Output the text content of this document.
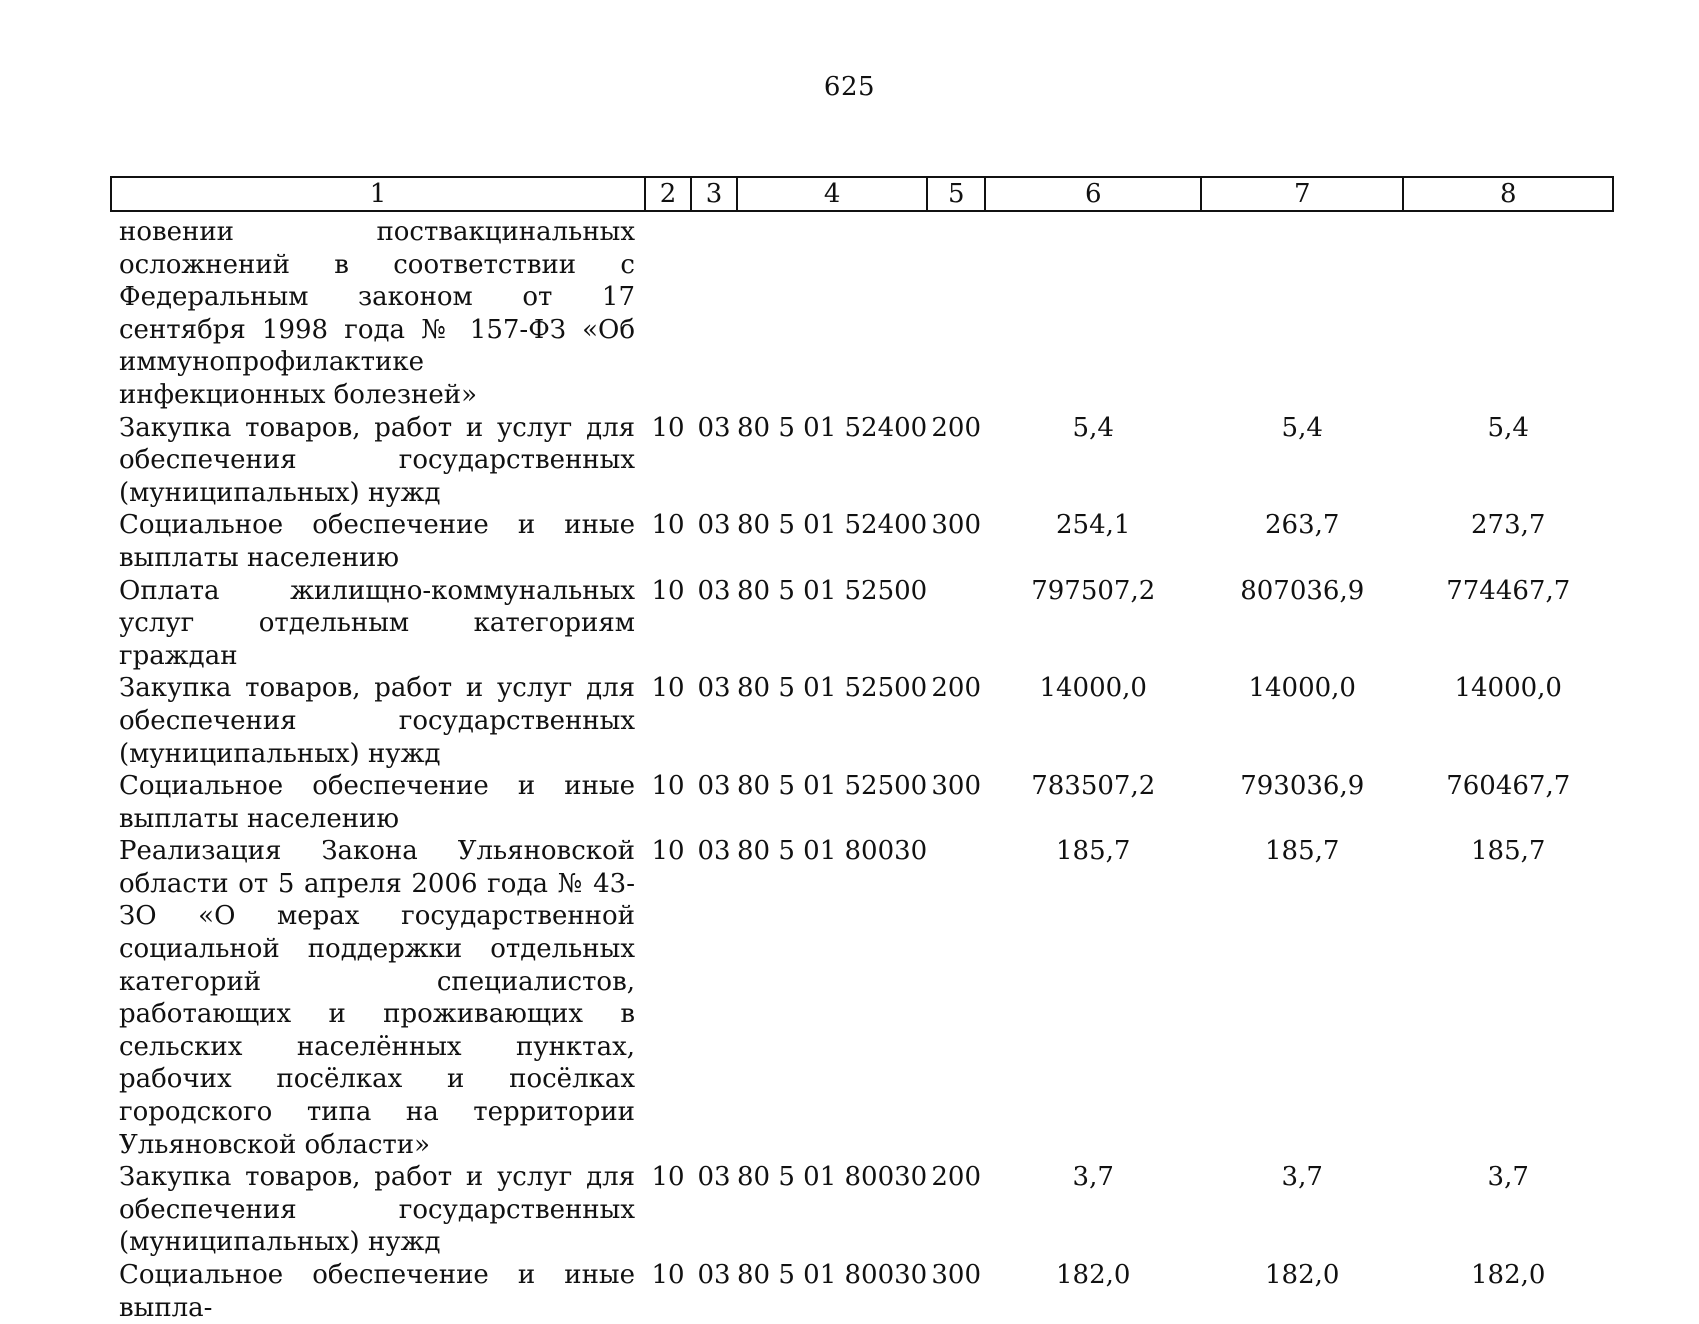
625
1	2	3	4	5	6	7	8
новении поствакцинальных осложнений в соответствии с Федеральным законом от 17 сентября 1998 года № 157-ФЗ «Об иммунопрофилактике инфекционных болезней»							
Закупка товаров, работ и услуг для обеспечения государственных (муниципальных) нужд	10	03	80 5 01 52400	200	5,4	5,4	5,4
Социальное обеспечение и иные выплаты населению	10	03	80 5 01 52400	300	254,1	263,7	273,7
Оплата жилищно-коммунальных услуг отдельным категориям граждан	10	03	80 5 01 52500		797507,2	807036,9	774467,7
Закупка товаров, работ и услуг для обеспечения государственных (муниципальных) нужд	10	03	80 5 01 52500	200	14000,0	14000,0	14000,0
Социальное обеспечение и иные выплаты населению	10	03	80 5 01 52500	300	783507,2	793036,9	760467,7
Реализация Закона Ульяновской области от 5 апреля 2006 года № 43-ЗО «О мерах государственной социальной поддержки отдельных категорий специалистов, работающих и проживающих в сельских населённых пунктах, рабочих посёлках и посёлках городского типа на территории Ульяновской области»	10	03	80 5 01 80030		185,7	185,7	185,7
Закупка товаров, работ и услуг для обеспечения государственных (муниципальных) нужд	10	03	80 5 01 80030	200	3,7	3,7	3,7
Социальное обеспечение и иные выпла-	10	03	80 5 01 80030	300	182,0	182,0	182,0
